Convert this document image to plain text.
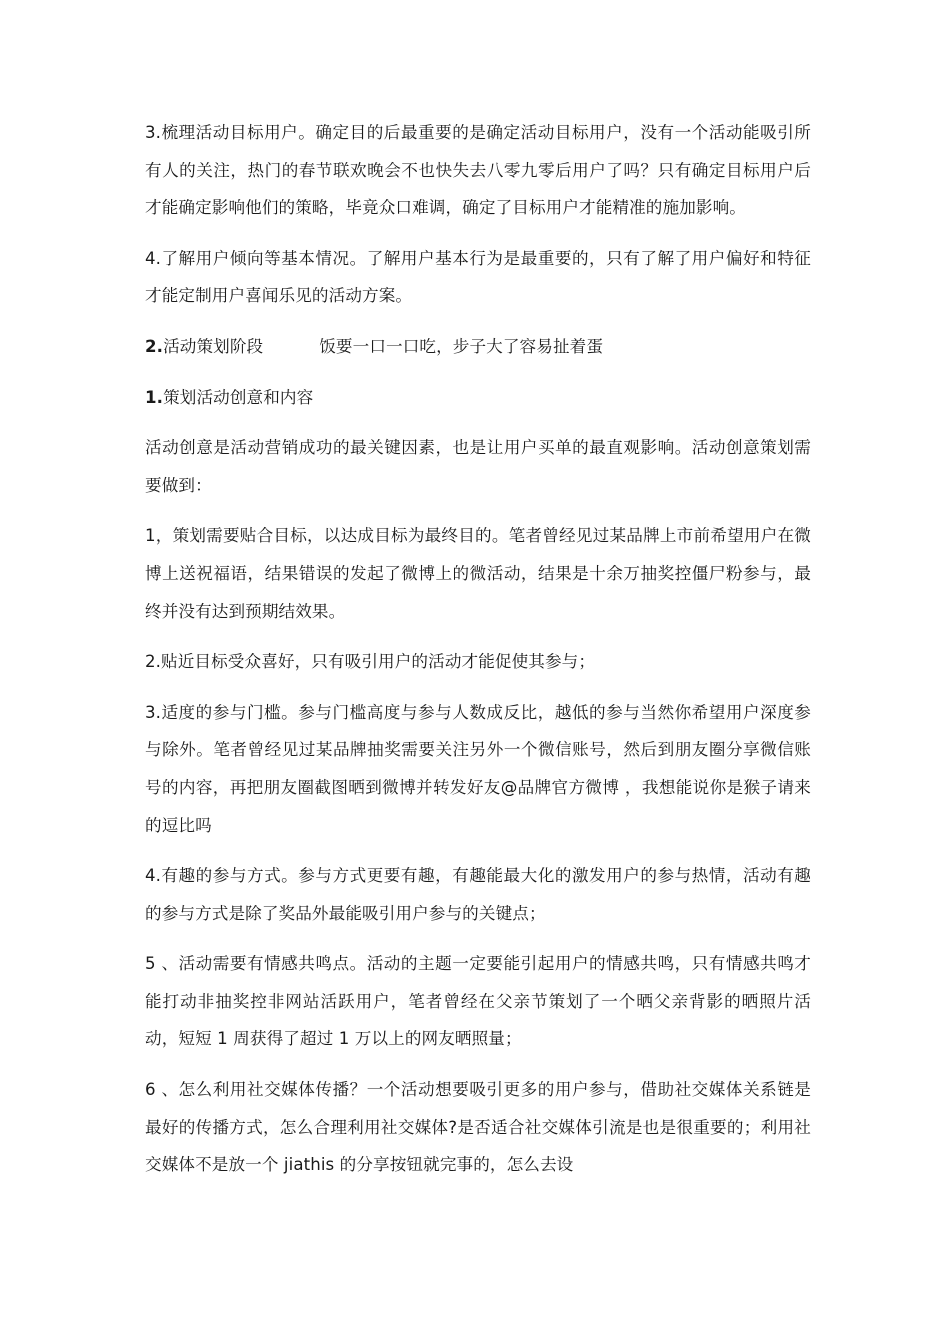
3.梳理活动目标用户。确定目的后最重要的是确定活动目标用户，没有一个活动能吸引所有人的关注，热门的春节联欢晚会不也快失去八零九零后用户了吗？只有确定目标用户后才能确定影响他们的策略，毕竟众口难调，确定了目标用户才能精准的施加影响。

4.了解用户倾向等基本情况。了解用户基本行为是最重要的，只有了解了用户偏好和特征才能定制用户喜闻乐见的活动方案。

2.活动策划阶段	饭要一口一口吃，步子大了容易扯着蛋

1.策划活动创意和内容

活动创意是活动营销成功的最关键因素，也是让用户买单的最直观影响。活动创意策划需要做到：

1，策划需要贴合目标，以达成目标为最终目的。笔者曾经见过某品牌上市前希望用户在微博上送祝福语，结果错误的发起了微博上的微活动，结果是十余万抽奖控僵尸粉参与，最终并没有达到预期结效果。

2.贴近目标受众喜好，只有吸引用户的活动才能促使其参与；

3.适度的参与门槛。参与门槛高度与参与人数成反比，越低的参与当然你希望用户深度参与除外。笔者曾经见过某品牌抽奖需要关注另外一个微信账号，然后到朋友圈分享微信账号的内容，再把朋友圈截图晒到微博并转发好友@品牌官方微博 ，我想能说你是猴子请来的逗比吗

4.有趣的参与方式。参与方式更要有趣，有趣能最大化的激发用户的参与热情，活动有趣的参与方式是除了奖品外最能吸引用户参与的关键点；

5 、活动需要有情感共鸣点。活动的主题一定要能引起用户的情感共鸣，只有情感共鸣才能打动非抽奖控非网站活跃用户，笔者曾经在父亲节策划了一个晒父亲背影的晒照片活动，短短 1 周获得了超过 1 万以上的网友晒照量；

6 、怎么利用社交媒体传播？一个活动想要吸引更多的用户参与，借助社交媒体关系链是最好的传播方式，怎么合理利用社交媒体?是否适合社交媒体引流是也是很重要的；利用社交媒体不是放一个 jiathis 的分享按钮就完事的，怎么去设
